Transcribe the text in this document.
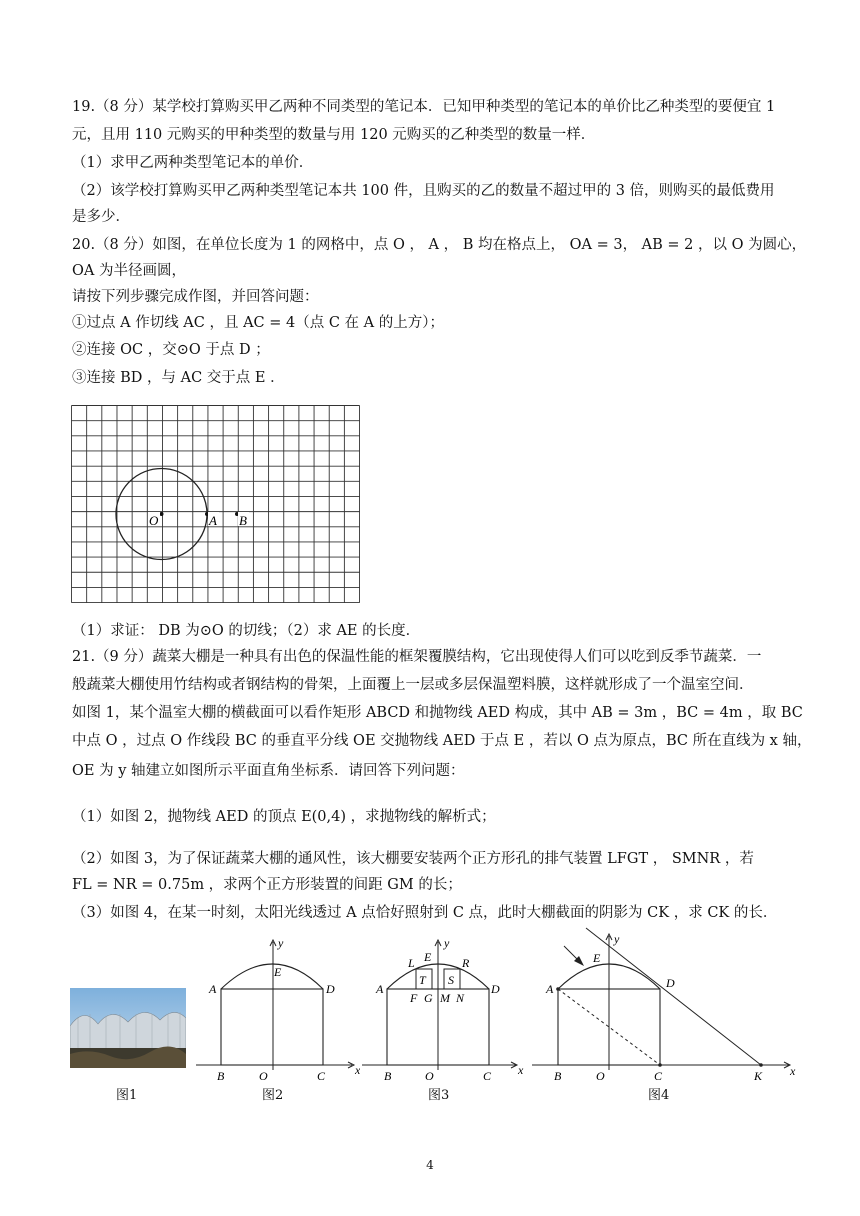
19.（8 分）某学校打算购买甲乙两种不同类型的笔记本．已知甲种类型的笔记本的单价比乙种类型的要便宜 1
元，且用 110 元购买的甲种类型的数量与用 120 元购买的乙种类型的数量一样．
（1）求甲乙两种类型笔记本的单价．
（2）该学校打算购买甲乙两种类型笔记本共 100 件，且购买的乙的数量不超过甲的 3 倍，则购买的最低费用
是多少．
20.（8 分）如图，在单位长度为 1 的网格中，点 O ， A ， B 均在格点上， OA = 3， AB = 2 ，以 O 为圆心，
OA 为半径画圆，
请按下列步骤完成作图，并回答问题：
①过点 A 作切线 AC ，且 AC = 4（点 C 在 A 的上方）；
②连接 OC ，交⊙O 于点 D ；
③连接 BD ，与 AC 交于点 E ．
O	A B
（1）求证： DB 为⊙O 的切线；（2）求 AE 的长度．
21.（9 分）蔬菜大棚是一种具有出色的保温性能的框架覆膜结构，它出现使得人们可以吃到反季节蔬菜．一
般蔬菜大棚使用竹结构或者钢结构的骨架，上面覆上一层或多层保温塑料膜，这样就形成了一个温室空间．
如图 1，某个温室大棚的横截面可以看作矩形 ABCD 和抛物线 AED 构成，其中 AB = 3m ，BC = 4m ，取 BC
中点 O ，过点 O 作线段 BC 的垂直平分线 OE 交抛物线 AED 于点 E ，若以 O 点为原点，BC 所在直线为 x 轴，
OE 为 y 轴建立如图所示平面直角坐标系．请回答下列问题：
（1）如图 2，抛物线 AED 的顶点 E(0,4) ，求抛物线的解析式；
（2）如图 3，为了保证蔬菜大棚的通风性，该大棚要安装两个正方形孔的排气装置 LFGT ， SMNR ，若
FL = NR = 0.75m ，求两个正方形装置的间距 GM 的长；
（3）如图 4，在某一时刻，太阳光线透过 A 点恰好照射到 C 点，此时大棚截面的阴影为 CK ，求 CK 的长．
y
x
E
A	D
B	O	C
y
x
L E	R
T S
A	D
F G M N
B	O	C
y
x
E
A	D
B	O	C	K
图1	图2	图3	图4
4
